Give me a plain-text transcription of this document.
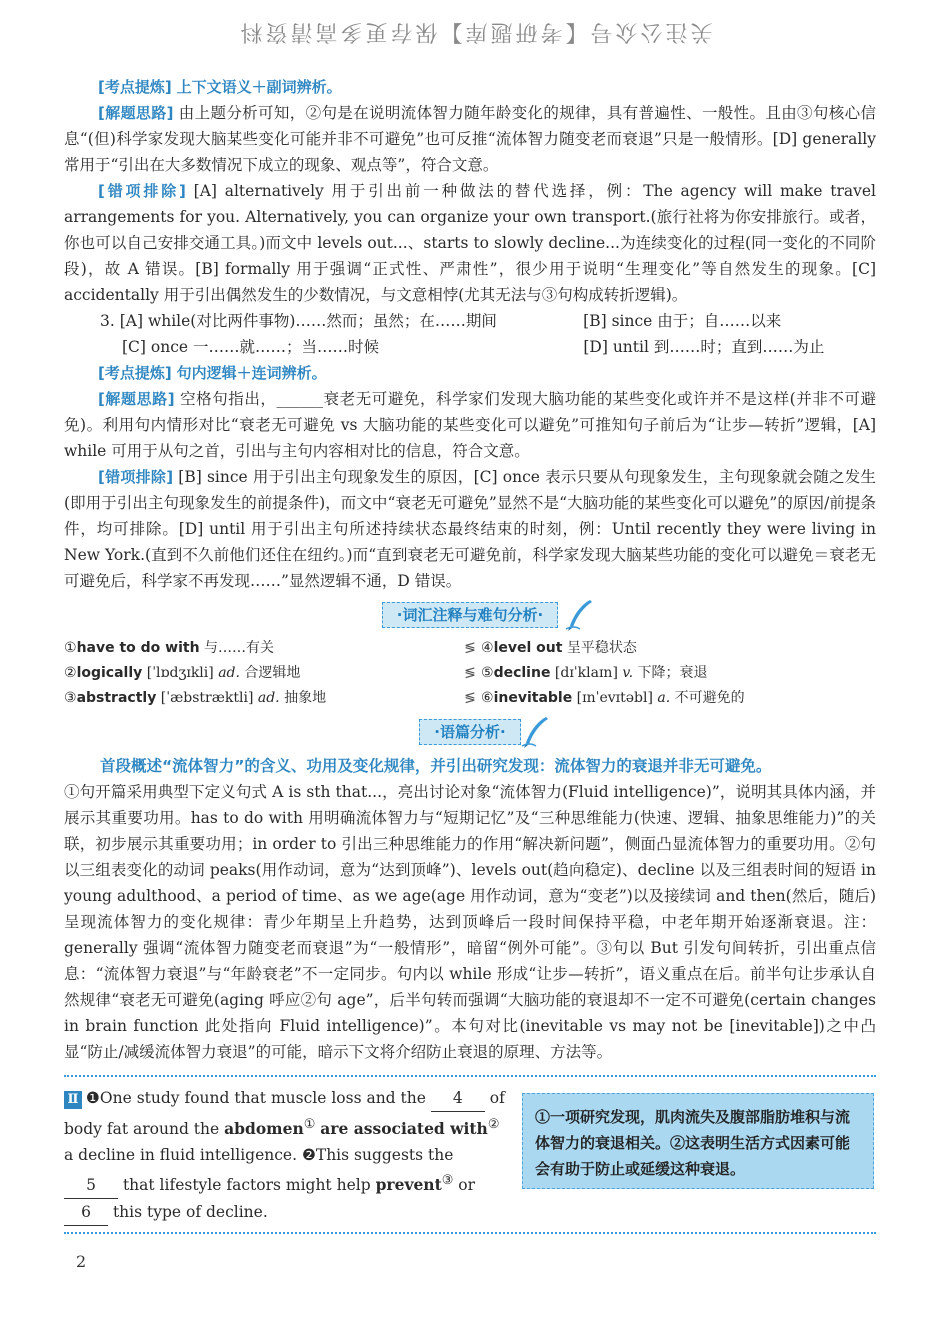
关注公众号【考研题库】保存更多高清资料

[考点提炼] 上下文语义＋副词辨析。

[解题思路] 由上题分析可知，②句是在说明流体智力随年龄变化的规律，具有普遍性、一般性。且由③句核心信息“(但)科学家发现大脑某些变化可能并非不可避免”也可反推“流体智力随变老而衰退”只是一般情形。[D] generally 常用于“引出在大多数情况下成立的现象、观点等”，符合文意。

[错项排除] [A] alternatively 用于引出前一种做法的替代选择，例：The agency will make travel arrangements for you. Alternatively, you can organize your own transport.(旅行社将为你安排旅行。或者，你也可以自己安排交通工具。)而文中 levels out...、starts to slowly decline...为连续变化的过程(同一变化的不同阶段)，故 A 错误。[B] formally 用于强调“正式性、严肃性”，很少用于说明“生理变化”等自然发生的现象。[C] accidentally 用于引出偶然发生的少数情况，与文意相悖(尤其无法与③句构成转折逻辑)。

3. [A] while(对比两件事物)……然而；虽然；在……期间	[B] since 由于；自……以来
[C] once 一……就……；当……时候	[D] until 到……时；直到……为止

[考点提炼] 句内逻辑＋连词辨析。

[解题思路] 空格句指出，______衰老无可避免，科学家们发现大脑功能的某些变化或许并不是这样(并非不可避免)。利用句内情形对比“衰老无可避免 vs 大脑功能的某些变化可以避免”可推知句子前后为“让步—转折”逻辑，[A] while 可用于从句之首，引出与主句内容相对比的信息，符合文意。

[错项排除] [B] since 用于引出主句现象发生的原因，[C] once 表示只要从句现象发生，主句现象就会随之发生(即用于引出主句现象发生的前提条件)，而文中“衰老无可避免”显然不是“大脑功能的某些变化可以避免”的原因/前提条件，均可排除。[D] until 用于引出主句所述持续状态最终结束的时刻，例：Until recently they were living in New York.(直到不久前他们还住在纽约。)而“直到衰老无可避免前，科学家发现大脑某些功能的变化可以避免＝衰老无可避免后，科学家不再发现……”显然逻辑不通，D 错误。

·词汇注释与难句分析·
①have to do with 与……有关	≶ ④level out 呈平稳状态
②logically [ˈlɒdʒɪkli] ad. 合逻辑地	≶ ⑤decline [dɪˈklaɪn] v. 下降；衰退
③abstractly [ˈæbstræktli] ad. 抽象地	≶ ⑥inevitable [ɪnˈevɪtəbl] a. 不可避免的
·语篇分析·

首段概述“流体智力”的含义、功用及变化规律，并引出研究发现：流体智力的衰退并非无可避免。

①句开篇采用典型下定义句式 A is sth that...，亮出讨论对象“流体智力(Fluid intelligence)”，说明其具体内涵，并展示其重要功用。has to do with 用明确流体智力与“短期记忆”及“三种思维能力(快速、逻辑、抽象思维能力)”的关联，初步展示其重要功用；in order to 引出三种思维能力的作用“解决新问题”，侧面凸显流体智力的重要功用。②句以三组表变化的动词 peaks(用作动词，意为“达到顶峰”)、levels out(趋向稳定)、decline 以及三组表时间的短语 in young adulthood、a period of time、as we age(age 用作动词，意为“变老”)以及接续词 and then(然后，随后)呈现流体智力的变化规律：青少年期呈上升趋势，达到顶峰后一段时间保持平稳，中老年期开始逐渐衰退。注：generally 强调“流体智力随变老而衰退”为“一般情形”，暗留“例外可能”。③句以 But 引发句间转折，引出重点信息：“流体智力衰退”与“年龄衰老”不一定同步。句内以 while 形成“让步—转折”，语义重点在后。前半句让步承认自然规律“衰老无可避免(aging 呼应②句 age”，后半句转而强调“大脑功能的衰退却不一定不可避免(certain changes in brain function 此处指向 Fluid intelligence)”。本句对比(inevitable vs may not be [inevitable])之中凸显“防止/减缓流体智力衰退”的可能，暗示下文将介绍防止衰退的原理、方法等。

Ⅱ ❶One study found that muscle loss and the 4 of body fat around the abdomen① are associated with② a decline in fluid intelligence. ❷This suggests the 5 that lifestyle factors might help prevent③ or 6 this type of decline.
①一项研究发现，肌肉流失及腹部脂肪堆积与流体智力的衰退相关。②这表明生活方式因素可能会有助于防止或延缓这种衰退。
2
